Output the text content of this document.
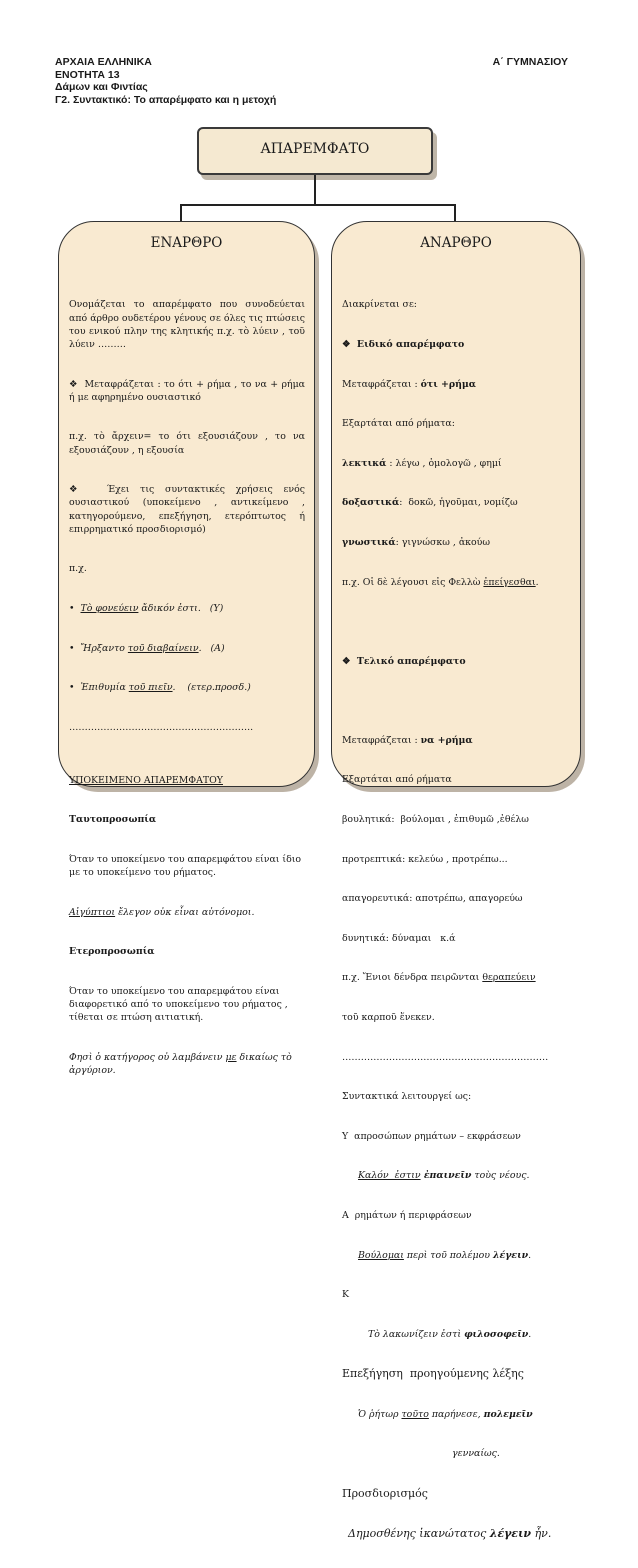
ΑΡΧΑΙΑ ΕΛΛΗΝΙΚΑ
ΕΝΟΤΗΤΑ 13
Δάμων και Φιντίας
Γ2. Συντακτικό: Το απαρέμφατο και η μετοχή
Α΄ ΓΥΜΝΑΣΙΟΥ
ΑΠΑΡΕΜΦΑΤΟ
ΕΝΑΡΘΡΟ

Ονομάζεται το απαρέμφατο που συνοδεύεται από άρθρο ουδετέρου γένους σε όλες τις πτώσεις του ενικού πλην της κλητικής π.χ. τὸ λύειν , τοῦ λύειν ………

❖  Μεταφράζεται : το ότι + ρήμα , το να + ρήμα ή με αφηρημένο ουσιαστικό

π.χ. τὸ ἄρχειν= το ότι εξουσιάζουν , το να εξουσιάζουν , η εξουσία

❖  Έχει τις συντακτικές χρήσεις ενός ουσιαστικού (υποκείμενο , αντικείμενο , κατηγορούμενο, επεξήγηση, ετερόπτωτος ή επιρρηματικό προσδιορισμό)

π.χ.

•  Τὸ φονεύειν ἄδικόν ἐστι.   (Υ)

•  Ἤρξαντο τοῦ διαβαίνειν.   (Α)

•  Ἐπιθυμία τοῦ πιεῖν.    (ετερ.προσδ.)

…………………………………………………..

ΥΠΟΚΕΙΜΕΝΟ ΑΠΑΡΕΜΦΑΤΟΥ

Ταυτοπροσωπία

Όταν το υποκείμενο του απαρεμφάτου είναι ίδιο με το υποκείμενο του ρήματος.

Αἰγύπτιοι ἔλεγον οὐκ εἶναι αὐτόνομοι.

Ετεροπροσωπία

Όταν το υποκείμενο του απαρεμφάτου είναι διαφορετικό από το υποκείμενο του ρήματος , τίθεται σε πτώση αιτιατική.

Φησὶ ὁ κατήγορος οὐ λαμβάνειν με δικαίως τὸ ἀργύριον.

ΑΝΑΡΘΡΟ

Διακρίνεται σε:

❖  Ειδικό απαρέμφατο

Μεταφράζεται : ότι +ρήμα

Εξαρτάται από ρήματα:

λεκτικά : λέγω , ὁμολογῶ , φημί

δοξαστικά:  δοκῶ, ἡγοῦμαι, νομίζω

γνωστικά: γιγνώσκω , ἀκούω

π.χ. Οἱ δὲ λέγουσι εἰς Φελλὼ ἐπείγεσθαι.

❖  Τελικό απαρέμφατο

Μεταφράζεται : να +ρήμα

Εξαρτάται από ρήματα

βουλητικά:  βούλομαι , ἐπιθυμῶ ,ἐθέλω

προτρεπτικά: κελεύω , προτρέπω...

απαγορευτικά: αποτρέπω, απαγορεύω

δυνητικά: δύναμαι   κ.ά

π.χ. Ἔνιοι δένδρα πειρῶνται θεραπεύειν

τοῦ καρποῦ ἕνεκεν.

…………………………………………………………

Συντακτικά λειτουργεί ως:

Υ  απροσώπων ρημάτων – εκφράσεων

Καλόν  ἐστιν ἐπαινεῖν τοὺς νέους.

Α  ρημάτων ή περιφράσεων

Βούλομαι περὶ τοῦ πολέμου λέγειν.

Κ

Τὸ λακωνίζειν ἐστὶ φιλοσοφεῖν.

Επεξήγηση  προηγούμενης λέξης

Ὁ ῥήτωρ τοῦτο παρήνεσε, πολεμεῖν

γενναίως.

Προσδιορισμός

Δημοσθένης ἱκανώτατος λέγειν ἦν.
